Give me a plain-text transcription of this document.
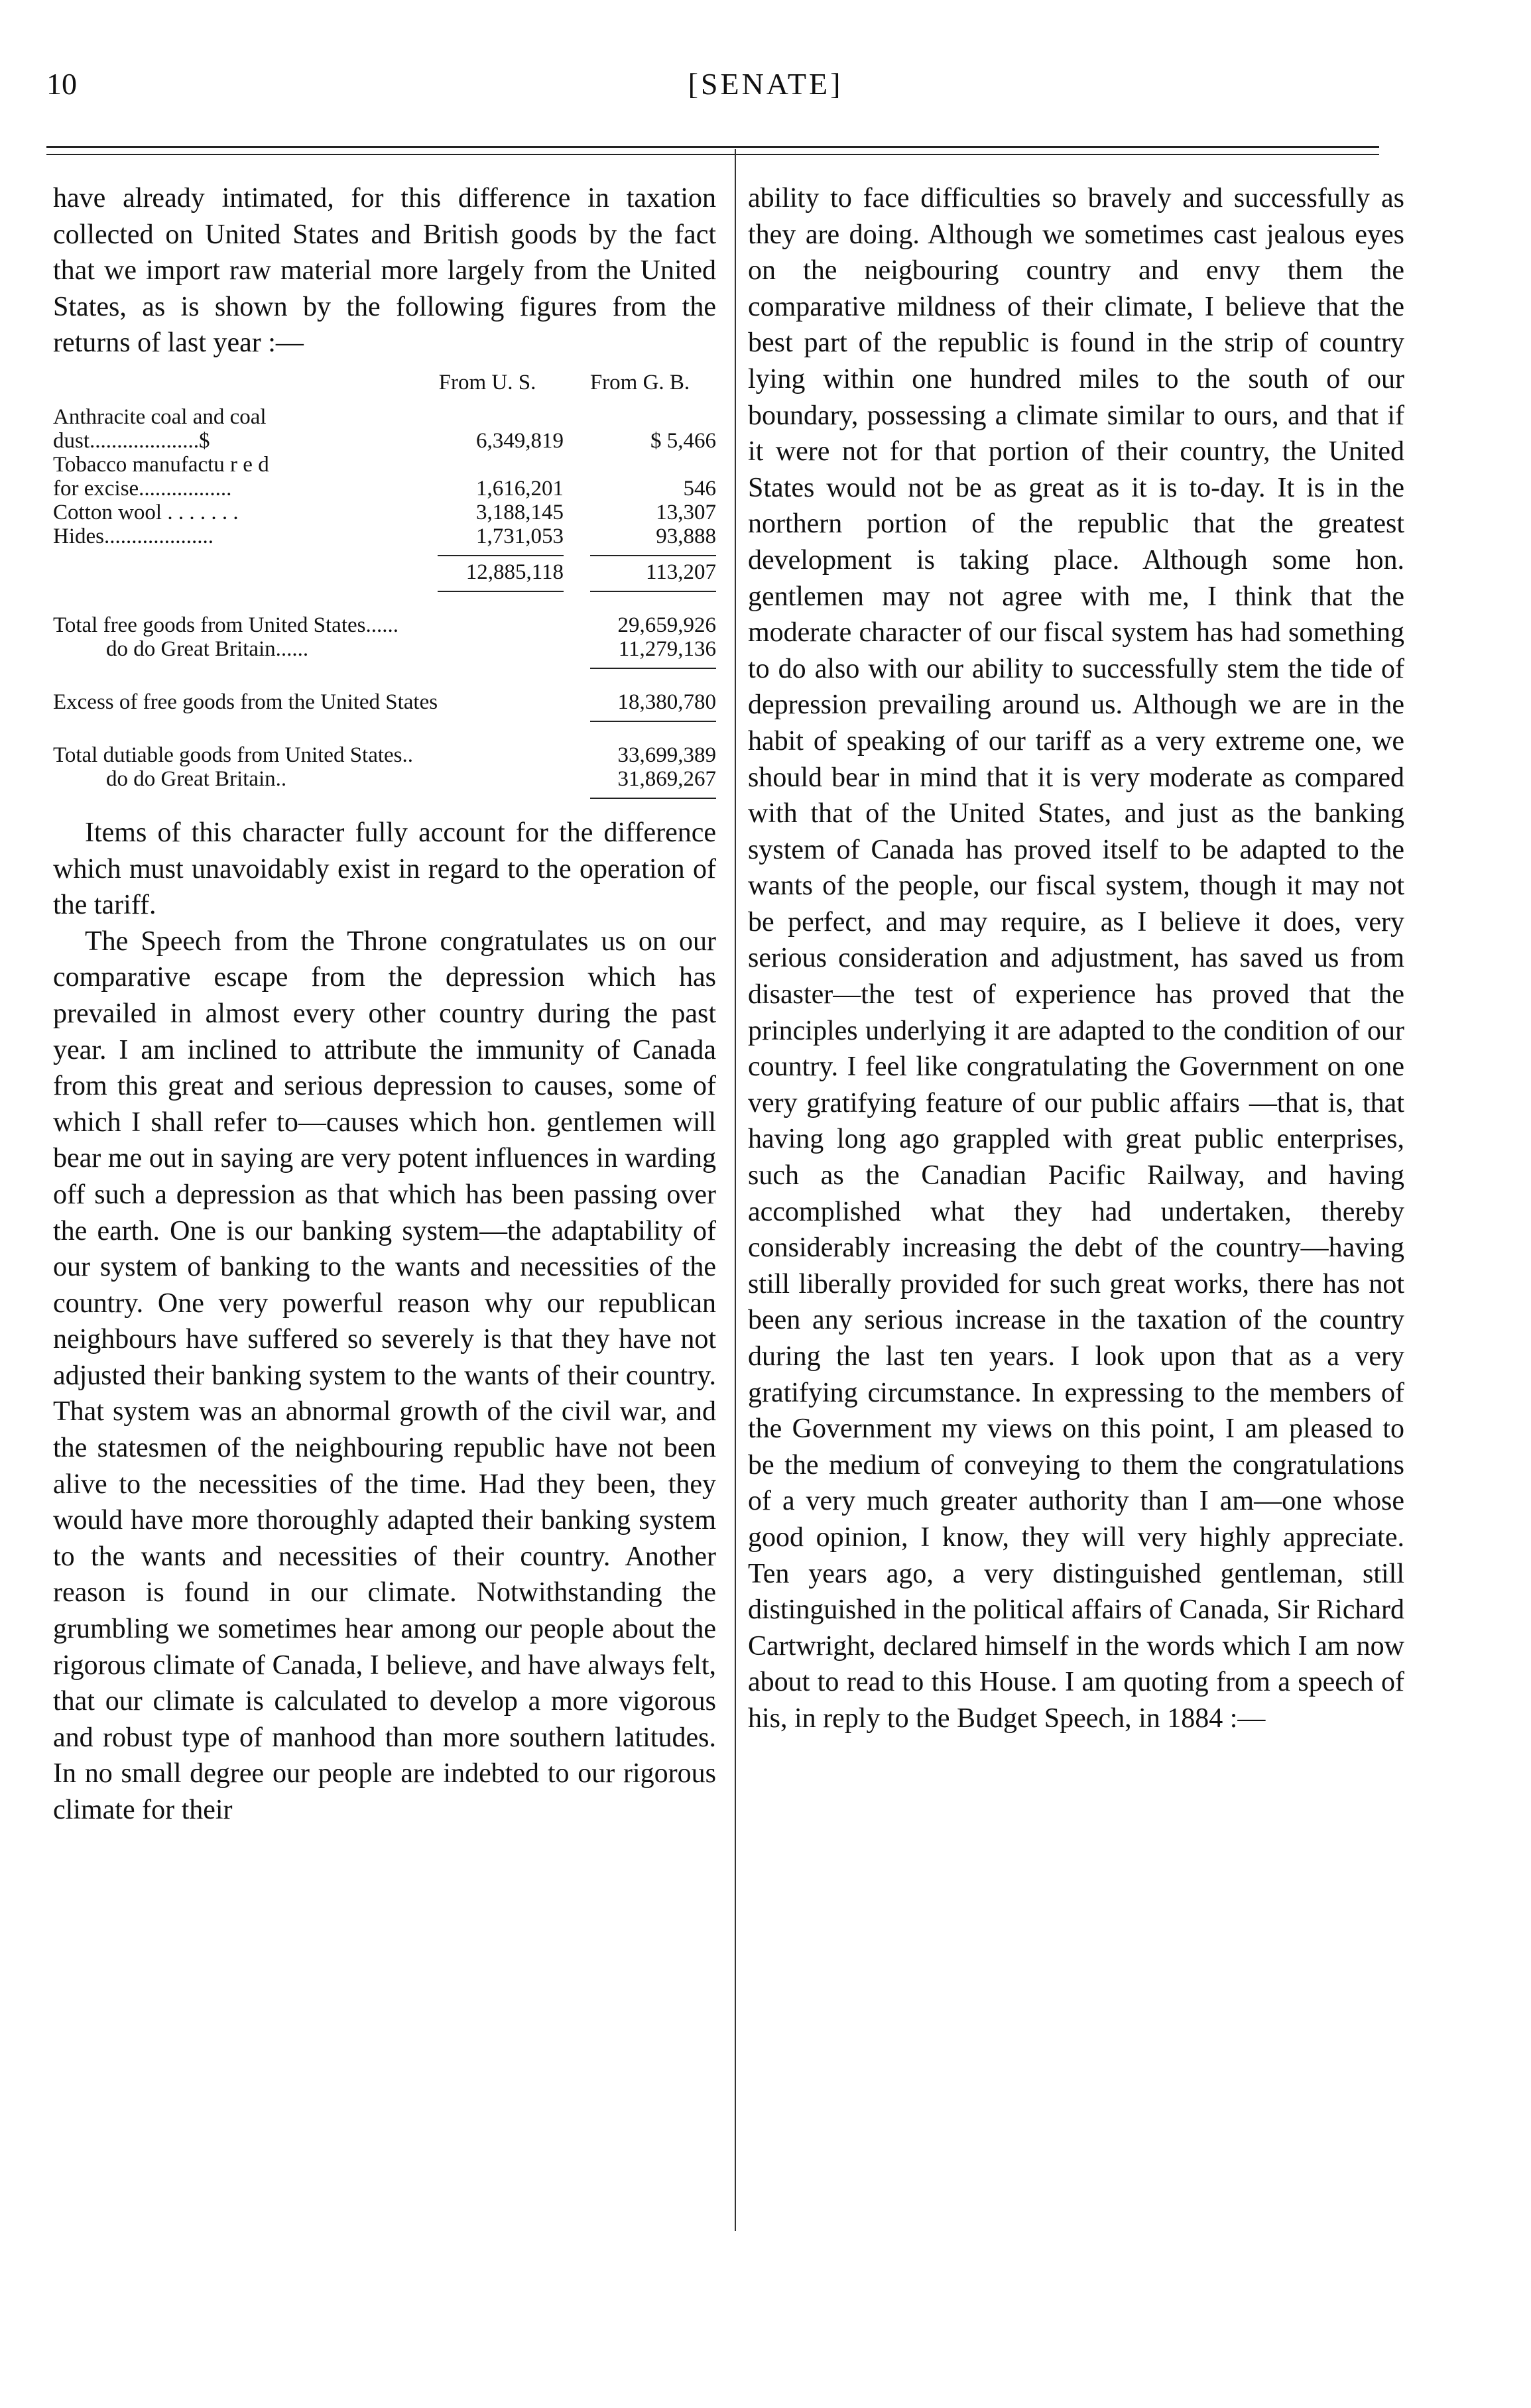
10	[SENATE]

have already intimated, for this difference in taxation collected on United States and British goods by the fact that we import raw material more largely from the United States, as is shown by the following figures from the returns of last year :—

From U. S.	From G. B.
Anthracite coal and coal
dust....................$	6,349,819	$ 5,466
Tobacco manufactu r e d
for excise.................	1,616,201	546
Cotton wool . . . . . . .	3,188,145	13,307
Hides....................	1,731,053	93,888
12,885,118	113,207
Total free goods from United States......	29,659,926
do do Great Britain......	11,279,136
Excess of free goods from the United States	18,380,780
Total dutiable goods from United States..	33,699,389
do do Great Britain..	31,869,267

Items of this character fully account for the difference which must unavoidably exist in regard to the operation of the tariff.

The Speech from the Throne congratulates us on our comparative escape from the depression which has prevailed in almost every other country during the past year. I am inclined to attribute the immunity of Canada from this great and serious depression to causes, some of which I shall refer to—causes which hon. gentlemen will bear me out in saying are very potent influences in warding off such a depression as that which has been passing over the earth. One is our banking system—the adaptability of our system of banking to the wants and necessities of the country. One very powerful reason why our republican neighbours have suffered so severely is that they have not adjusted their banking system to the wants of their country. That system was an abnormal growth of the civil war, and the statesmen of the neighbouring republic have not been alive to the necessities of the time. Had they been, they would have more thoroughly adapted their banking system to the wants and necessities of their country. Another reason is found in our climate. Notwithstanding the grumbling we sometimes hear among our people about the rigorous climate of Canada, I believe, and have always felt, that our climate is calculated to develop a more vigorous and robust type of manhood than more southern latitudes. In no small degree our people are indebted to our rigorous climate for their

ability to face difficulties so bravely and successfully as they are doing. Although we sometimes cast jealous eyes on the neigbouring country and envy them the comparative mildness of their climate, I believe that the best part of the republic is found in the strip of country lying within one hundred miles to the south of our boundary, possessing a climate similar to ours, and that if it were not for that portion of their country, the United States would not be as great as it is to-day. It is in the northern portion of the republic that the greatest development is taking place. Although some hon. gentlemen may not agree with me, I think that the moderate character of our fiscal system has had something to do also with our ability to successfully stem the tide of depression prevailing around us. Although we are in the habit of speaking of our tariff as a very extreme one, we should bear in mind that it is very moderate as compared with that of the United States, and just as the banking system of Canada has proved itself to be adapted to the wants of the people, our fiscal system, though it may not be perfect, and may require, as I believe it does, very serious consideration and adjustment, has saved us from disaster—the test of experience has proved that the principles underlying it are adapted to the condition of our country. I feel like congratulating the Government on one very gratifying feature of our public affairs —that is, that having long ago grappled with great public enterprises, such as the Canadian Pacific Railway, and having accomplished what they had undertaken, thereby considerably increasing the debt of the country—having still liberally provided for such great works, there has not been any serious increase in the taxation of the country during the last ten years. I look upon that as a very gratifying circumstance. In expressing to the members of the Government my views on this point, I am pleased to be the medium of conveying to them the congratulations of a very much greater authority than I am—one whose good opinion, I know, they will very highly appreciate. Ten years ago, a very distinguished gentleman, still distinguished in the political affairs of Canada, Sir Richard Cartwright, declared himself in the words which I am now about to read to this House. I am quoting from a speech of his, in reply to the Budget Speech, in 1884 :—
